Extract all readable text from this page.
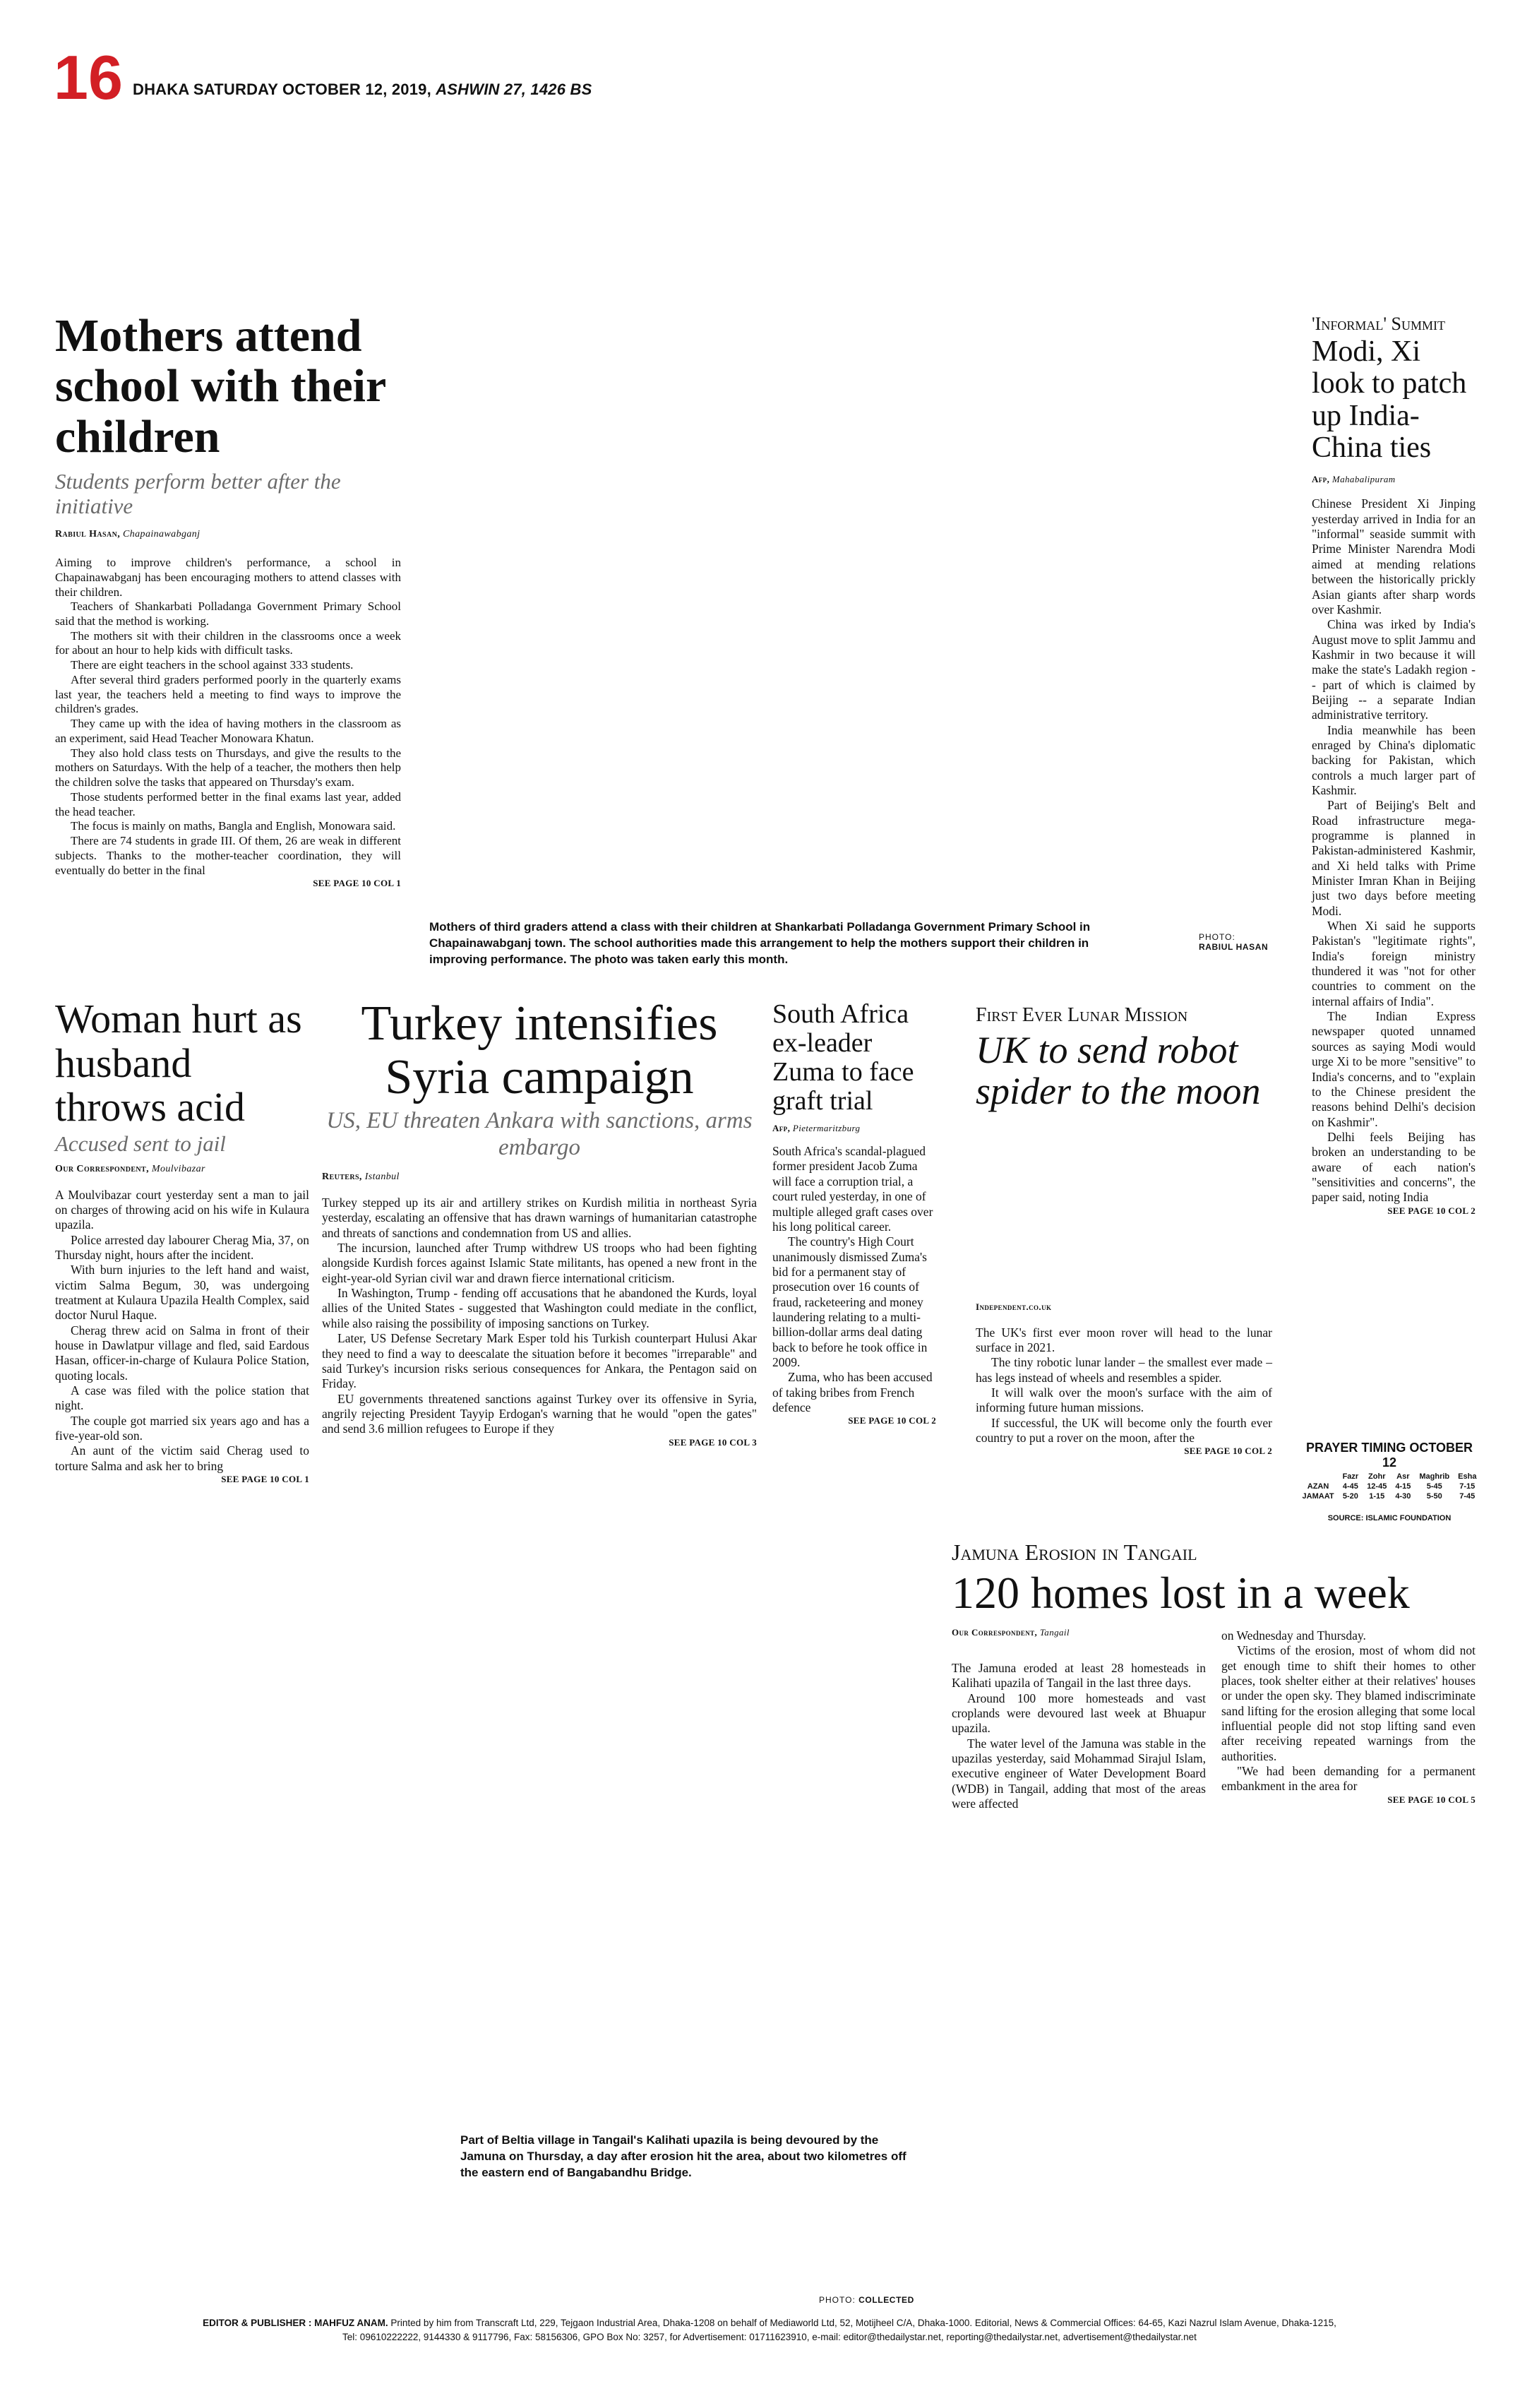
16 DHAKA SATURDAY OCTOBER 12, 2019, ASHWIN 27, 1426 BS
Mothers attend school with their children
Students perform better after the initiative
Rabiul Hasan, Chapainawabganj

Aiming to improve children's performance, a school in Chapainawabganj has been encouraging mothers to attend classes with their children.

Teachers of Shankarbati Polladanga Government Primary School said that the method is working.

The mothers sit with their children in the classrooms once a week for about an hour to help kids with difficult tasks.

There are eight teachers in the school against 333 students.

After several third graders performed poorly in the quarterly exams last year, the teachers held a meeting to find ways to improve the children's grades.

They came up with the idea of having mothers in the classroom as an experiment, said Head Teacher Monowara Khatun.

They also hold class tests on Thursdays, and give the results to the mothers on Saturdays. With the help of a teacher, the mothers then help the children solve the tasks that appeared on Thursday's exam.

Those students performed better in the final exams last year, added the head teacher.

The focus is mainly on maths, Bangla and English, Monowara said.

There are 74 students in grade III. Of them, 26 are weak in different subjects. Thanks to the mother-teacher coordination, they will eventually do better in the final

SEE PAGE 10 COL 1
Mothers of third graders attend a class with their children at Shankarbati Polladanga Government Primary School in Chapainawabganj town. The school authorities made this arrangement to help the mothers support their children in improving performance. The photo was taken early this month.
PHOTO:
RABIUL HASAN
'Informal' Summit
Modi, Xi look to patch up India-China ties
Afp, Mahabalipuram

Chinese President Xi Jinping yesterday arrived in India for an "informal" seaside summit with Prime Minister Narendra Modi aimed at mending relations between the historically prickly Asian giants after sharp words over Kashmir.

China was irked by India's August move to split Jammu and Kashmir in two because it will make the state's Ladakh region -- part of which is claimed by Beijing -- a separate Indian administrative territory.

India meanwhile has been enraged by China's diplomatic backing for Pakistan, which controls a much larger part of Kashmir.

Part of Beijing's Belt and Road infrastructure mega-programme is planned in Pakistan-administered Kashmir, and Xi held talks with Prime Minister Imran Khan in Beijing just two days before meeting Modi.

When Xi said he supports Pakistan's "legitimate rights", India's foreign ministry thundered it was "not for other countries to comment on the internal affairs of India".

The Indian Express newspaper quoted unnamed sources as saying Modi would urge Xi to be more "sensitive" to India's concerns, and to "explain to the Chinese president the reasons behind Delhi's decision on Kashmir".

Delhi feels Beijing has broken an understanding to be aware of each nation's "sensitivities and concerns", the paper said, noting India

SEE PAGE 10 COL 2
Woman hurt as husband throws acid
Accused sent to jail
Our Correspondent, Moulvibazar

A Moulvibazar court yesterday sent a man to jail on charges of throwing acid on his wife in Kulaura upazila.

Police arrested day labourer Cherag Mia, 37, on Thursday night, hours after the incident.

With burn injuries to the left hand and waist, victim Salma Begum, 30, was undergoing treatment at Kulaura Upazila Health Complex, said doctor Nurul Haque.

Cherag threw acid on Salma in front of their house in Dawlatpur village and fled, said Eardous Hasan, officer-in-charge of Kulaura Police Station, quoting locals.

A case was filed with the police station that night.

The couple got married six years ago and has a five-year-old son.

An aunt of the victim said Cherag used to torture Salma and ask her to bring

SEE PAGE 10 COL 1
Turkey intensifies Syria campaign
US, EU threaten Ankara with sanctions, arms embargo
Reuters, Istanbul

Turkey stepped up its air and artillery strikes on Kurdish militia in northeast Syria yesterday, escalating an offensive that has drawn warnings of humanitarian catastrophe and threats of sanctions and condemnation from US and allies.

The incursion, launched after Trump withdrew US troops who had been fighting alongside Kurdish forces against Islamic State militants, has opened a new front in the eight-year-old Syrian civil war and drawn fierce international criticism.

In Washington, Trump - fending off accusations that he abandoned the Kurds, loyal allies of the United States - suggested that Washington could mediate in the conflict, while also raising the possibility of imposing sanctions on Turkey.

Later, US Defense Secretary Mark Esper told his Turkish counterpart Hulusi Akar they need to find a way to deescalate the situation before it becomes "irreparable" and said Turkey's incursion risks serious consequences for Ankara, the Pentagon said on Friday.

EU governments threatened sanctions against Turkey over its offensive in Syria, angrily rejecting President Tayyip Erdogan's warning that he would "open the gates" and send 3.6 million refugees to Europe if they

SEE PAGE 10 COL 3
South Africa ex-leader Zuma to face graft trial
Afp, Pietermaritzburg

South Africa's scandal-plagued former president Jacob Zuma will face a corruption trial, a court ruled yesterday, in one of multiple alleged graft cases over his long political career.

The country's High Court unanimously dismissed Zuma's bid for a permanent stay of prosecution over 16 counts of fraud, racketeering and money laundering relating to a multi-billion-dollar arms deal dating back to before he took office in 2009.

Zuma, who has been accused of taking bribes from French defence

SEE PAGE 10 COL 2
First Ever Lunar Mission
UK to send robot spider to the moon
Independent.co.uk

The UK's first ever moon rover will head to the lunar surface in 2021.

The tiny robotic lunar lander – the smallest ever made – has legs instead of wheels and resembles a spider.

It will walk over the moon's surface with the aim of informing future human missions.

If successful, the UK will become only the fourth ever country to put a rover on the moon, after the

SEE PAGE 10 COL 2	PRAYER TIMING OCTOBER 12
	Fazr	Zohr	Asr	Maghrib	Esha
AZAN	4-45	12-45	4-15	5-45	7-15
JAMAAT	5-20	1-15	4-30	5-50	7-45
SOURCE: ISLAMIC FOUNDATION
Jamuna Erosion in Tangail
120 homes lost in a week
Our Correspondent, Tangail

The Jamuna eroded at least 28 homesteads in Kalihati upazila of Tangail in the last three days.

Around 100 more homesteads and vast croplands were devoured last week at Bhuapur upazila.

The water level of the Jamuna was stable in the upazilas yesterday, said Mohammad Sirajul Islam, executive engineer of Water Development Board (WDB) in Tangail, adding that most of the areas were affected

on Wednesday and Thursday.

Victims of the erosion, most of whom did not get enough time to shift their homes to other places, took shelter either at their relatives' houses or under the open sky. They blamed indiscriminate sand lifting for the erosion alleging that some local influential people did not stop lifting sand even after receiving repeated warnings from the authorities.

"We had been demanding for a permanent embankment in the area for

SEE PAGE 10 COL 5
Part of Beltia village in Tangail's Kalihati upazila is being devoured by the Jamuna on Thursday, a day after erosion hit the area, about two kilometres off the eastern end of Bangabandhu Bridge.
PHOTO: COLLECTED
EDITOR & PUBLISHER : MAHFUZ ANAM. Printed by him from Transcraft Ltd, 229, Tejgaon Industrial Area, Dhaka-1208 on behalf of Mediaworld Ltd, 52, Motijheel C/A, Dhaka-1000. Editorial, News & Commercial Offices: 64-65, Kazi Nazrul Islam Avenue, Dhaka-1215,
Tel: 09610222222, 9144330 & 9117796, Fax: 58156306, GPO Box No: 3257, for Advertisement: 01711623910, e-mail: editor@thedailystar.net, reporting@thedailystar.net, advertisement@thedailystar.net
